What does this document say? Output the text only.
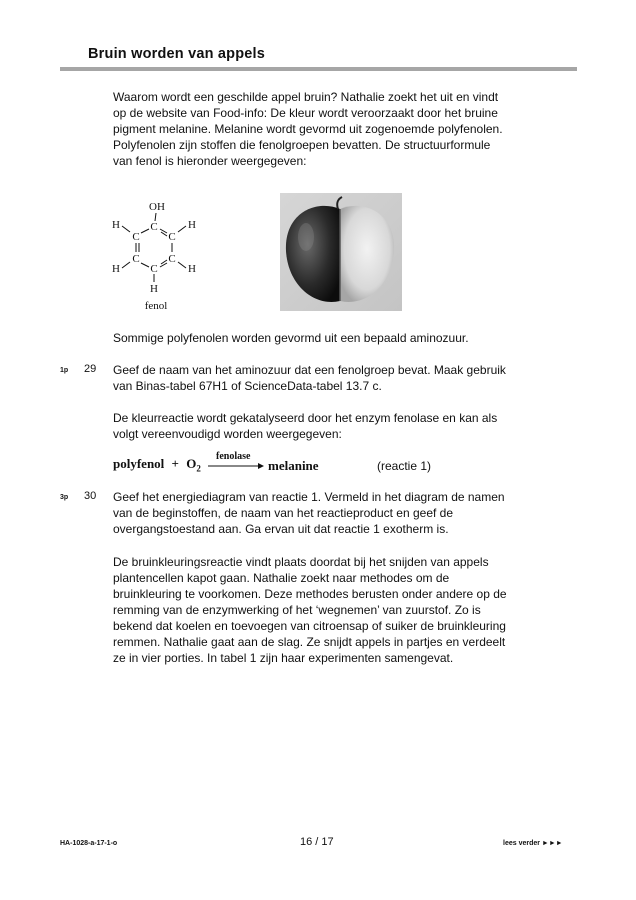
Bruin worden van appels

Waarom wordt een geschilde appel bruin? Nathalie zoekt het uit en vindt
op de website van Food-info: De kleur wordt veroorzaakt door het bruine
pigment melanine. Melanine wordt gevormd uit zogenoemde polyfenolen.
Polyfenolen zijn stoffen die fenolgroepen bevatten. De structuurformule
van fenol is hieronder weergegeven:

OH
C
C	C
C	C
C
H	H
H	H
H
fenol

Sommige polyfenolen worden gevormd uit een bepaald aminozuur.

1p 29 Geef de naam van het aminozuur dat een fenolgroep bevat. Maak gebruik
van Binas-tabel 67H1 of ScienceData-tabel 13.7 c.

De kleurreactie wordt gekatalyseerd door het enzym fenolase en kan als
volgt vereenvoudigd worden weergegeven:

polyfenol + $O_2$
fenolase
→ melanine	(reactie 1)
3p 30 Geef het energiediagram van reactie 1. Vermeld in het diagram de namen
van de beginstoffen, de naam van het reactieproduct en geef de
overgangstoestand aan. Ga ervan uit dat reactie 1 exotherm is.

De bruinkleuringsreactie vindt plaats doordat bij het snijden van appels
plantencellen kapot gaan. Nathalie zoekt naar methodes om de
bruinkleuring te voorkomen. Deze methodes berusten onder andere op de
remming van de enzymwerking of het ‘wegnemen’ van zuurstof. Zo is
bekend dat koelen en toevoegen van citroensap of suiker de bruinkleuring
remmen. Nathalie gaat aan de slag. Ze snijdt appels in partjes en verdeelt
ze in vier porties. In tabel 1 zijn haar experimenten samengevat.

HA-1028-a-17-1-o	16 / 17	lees verder ►►►
